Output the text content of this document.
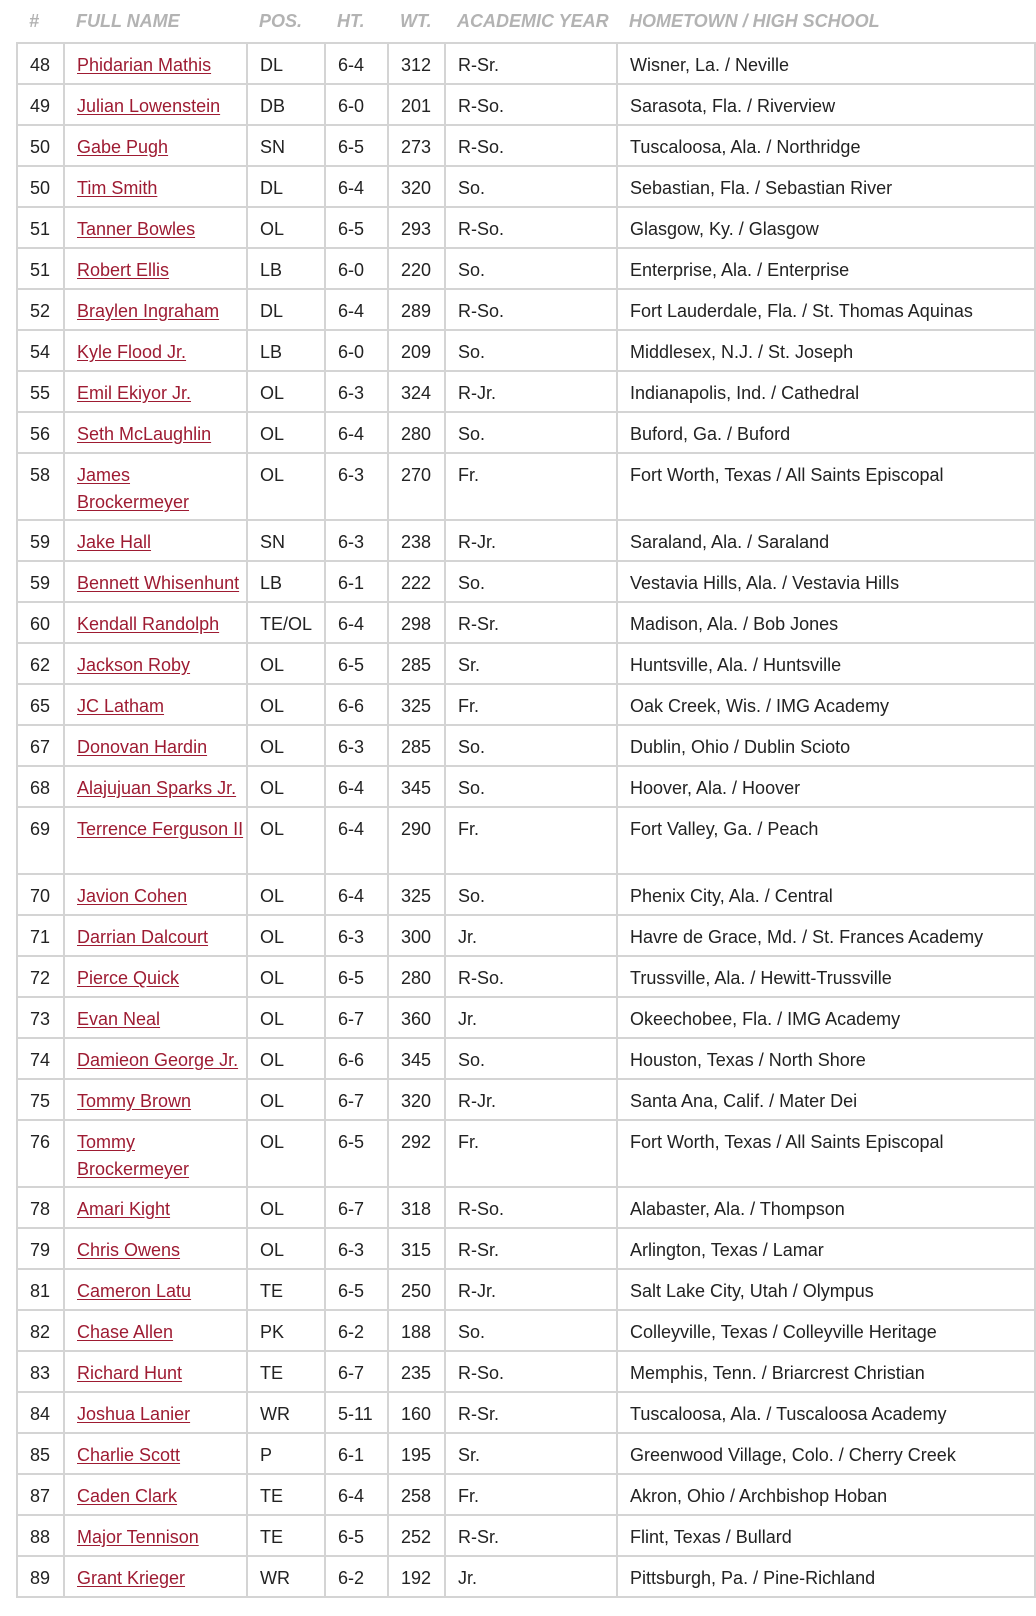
#	FULL NAME	POS.	HT.	WT.	ACADEMIC YEAR	HOMETOWN / HIGH SCHOOL
48	Phidarian Mathis	DL	6-4	312	R-Sr.	Wisner, La. / Neville
49	Julian Lowenstein	DB	6-0	201	R-So.	Sarasota, Fla. / Riverview
50	Gabe Pugh	SN	6-5	273	R-So.	Tuscaloosa, Ala. / Northridge
50	Tim Smith	DL	6-4	320	So.	Sebastian, Fla. / Sebastian River
51	Tanner Bowles	OL	6-5	293	R-So.	Glasgow, Ky. / Glasgow
51	Robert Ellis	LB	6-0	220	So.	Enterprise, Ala. / Enterprise
52	Braylen Ingraham	DL	6-4	289	R-So.	Fort Lauderdale, Fla. / St. Thomas Aquinas
54	Kyle Flood Jr.	LB	6-0	209	So.	Middlesex, N.J. / St. Joseph
55	Emil Ekiyor Jr.	OL	6-3	324	R-Jr.	Indianapolis, Ind. / Cathedral
56	Seth McLaughlin	OL	6-4	280	So.	Buford, Ga. / Buford
58	James Brockermeyer	OL	6-3	270	Fr.	Fort Worth, Texas / All Saints Episcopal
59	Jake Hall	SN	6-3	238	R-Jr.	Saraland, Ala. / Saraland
59	Bennett Whisenhunt	LB	6-1	222	So.	Vestavia Hills, Ala. / Vestavia Hills
60	Kendall Randolph	TE/OL	6-4	298	R-Sr.	Madison, Ala. / Bob Jones
62	Jackson Roby	OL	6-5	285	Sr.	Huntsville, Ala. / Huntsville
65	JC Latham	OL	6-6	325	Fr.	Oak Creek, Wis. / IMG Academy
67	Donovan Hardin	OL	6-3	285	So.	Dublin, Ohio / Dublin Scioto
68	Alajujuan Sparks Jr.	OL	6-4	345	So.	Hoover, Ala. / Hoover
69	Terrence Ferguson II	OL	6-4	290	Fr.	Fort Valley, Ga. / Peach
70	Javion Cohen	OL	6-4	325	So.	Phenix City, Ala. / Central
71	Darrian Dalcourt	OL	6-3	300	Jr.	Havre de Grace, Md. / St. Frances Academy
72	Pierce Quick	OL	6-5	280	R-So.	Trussville, Ala. / Hewitt-Trussville
73	Evan Neal	OL	6-7	360	Jr.	Okeechobee, Fla. / IMG Academy
74	Damieon George Jr.	OL	6-6	345	So.	Houston, Texas / North Shore
75	Tommy Brown	OL	6-7	320	R-Jr.	Santa Ana, Calif. / Mater Dei
76	Tommy Brockermeyer	OL	6-5	292	Fr.	Fort Worth, Texas / All Saints Episcopal
78	Amari Kight	OL	6-7	318	R-So.	Alabaster, Ala. / Thompson
79	Chris Owens	OL	6-3	315	R-Sr.	Arlington, Texas / Lamar
81	Cameron Latu	TE	6-5	250	R-Jr.	Salt Lake City, Utah / Olympus
82	Chase Allen	PK	6-2	188	So.	Colleyville, Texas / Colleyville Heritage
83	Richard Hunt	TE	6-7	235	R-So.	Memphis, Tenn. / Briarcrest Christian
84	Joshua Lanier	WR	5-11	160	R-Sr.	Tuscaloosa, Ala. / Tuscaloosa Academy
85	Charlie Scott	P	6-1	195	Sr.	Greenwood Village, Colo. / Cherry Creek
87	Caden Clark	TE	6-4	258	Fr.	Akron, Ohio / Archbishop Hoban
88	Major Tennison	TE	6-5	252	R-Sr.	Flint, Texas / Bullard
89	Grant Krieger	WR	6-2	192	Jr.	Pittsburgh, Pa. / Pine-Richland
